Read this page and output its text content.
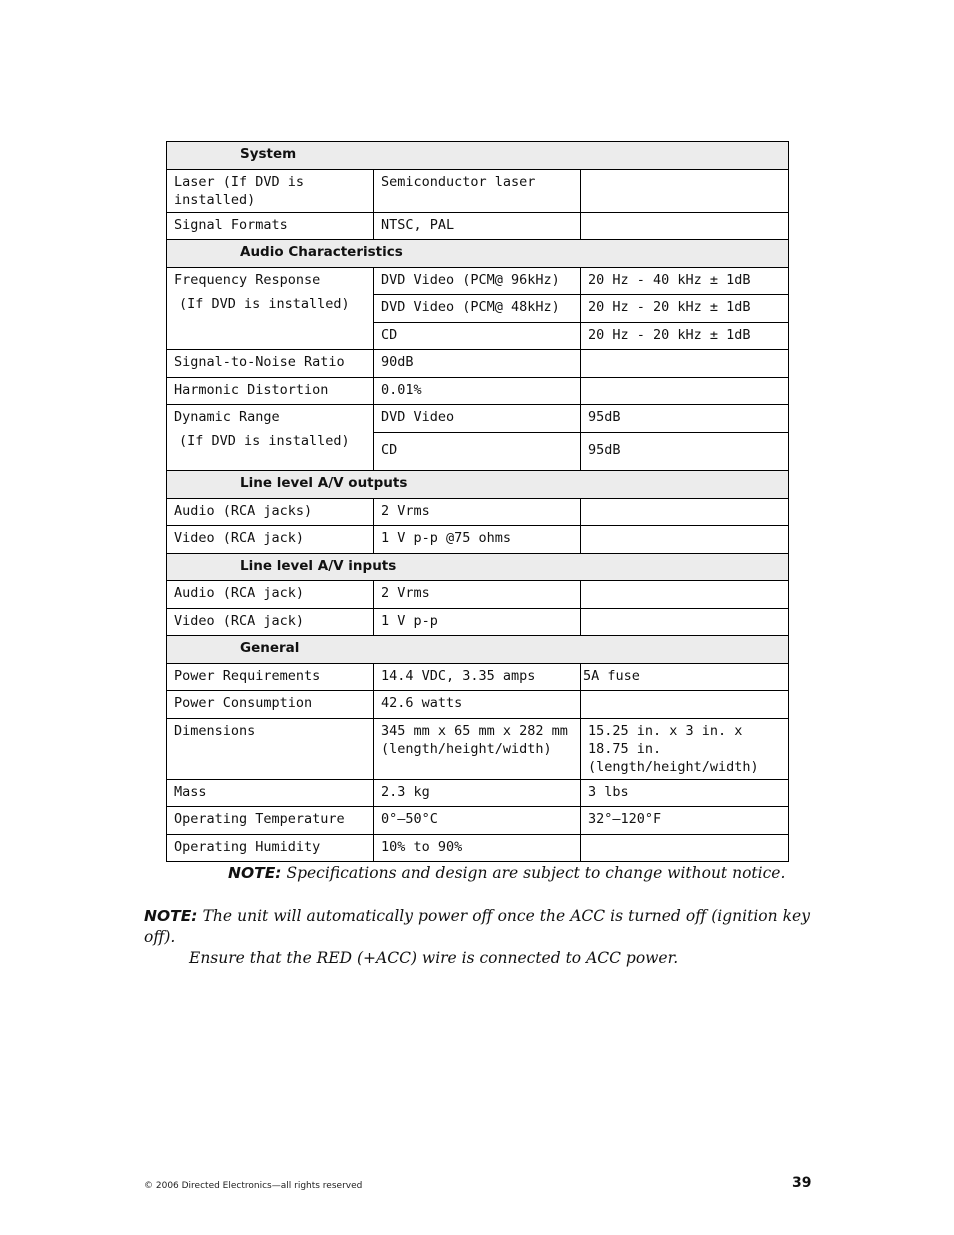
System		
Laser (If DVD is installed)	Semiconductor laser	
Signal Formats	NTSC, PAL	
Audio Characteristics		
Frequency Response
(If DVD is installed)	DVD Video (PCM@ 96kHz)	20 Hz - 40 kHz ± 1dB
	DVD Video (PCM@ 48kHz)	20 Hz - 20 kHz ± 1dB
	CD	20 Hz - 20 kHz ± 1dB
Signal-to-Noise Ratio	90dB	
Harmonic Distortion	0.01%	
Dynamic Range
(If DVD is installed)	DVD Video	95dB
	CD	95dB
Line level A/V outputs		
Audio (RCA jacks)	2 Vrms	
Video (RCA jack)	1 V p-p @75 ohms	
Line level A/V inputs		
Audio (RCA jack)	2 Vrms	
Video (RCA jack)	1 V p-p	
General		
Power Requirements	14.4 VDC, 3.35 amps	5A fuse
Power Consumption	42.6 watts	
Dimensions	345 mm x 65 mm x 282 mm (length/height/width)	15.25 in. x 3 in. x 18.75 in. (length/height/width)
Mass	2.3 kg	3 lbs
Operating Temperature	0°–50°C	32°–120°F
Operating Humidity	10% to 90%	
NOTE: Specifications and design are subject to change without notice.
NOTE: The unit will automatically power off once the ACC is turned off (ignition key off).
Ensure that the RED (+ACC) wire is connected to ACC power.
© 2006 Directed Electronics—all rights reserved	39
